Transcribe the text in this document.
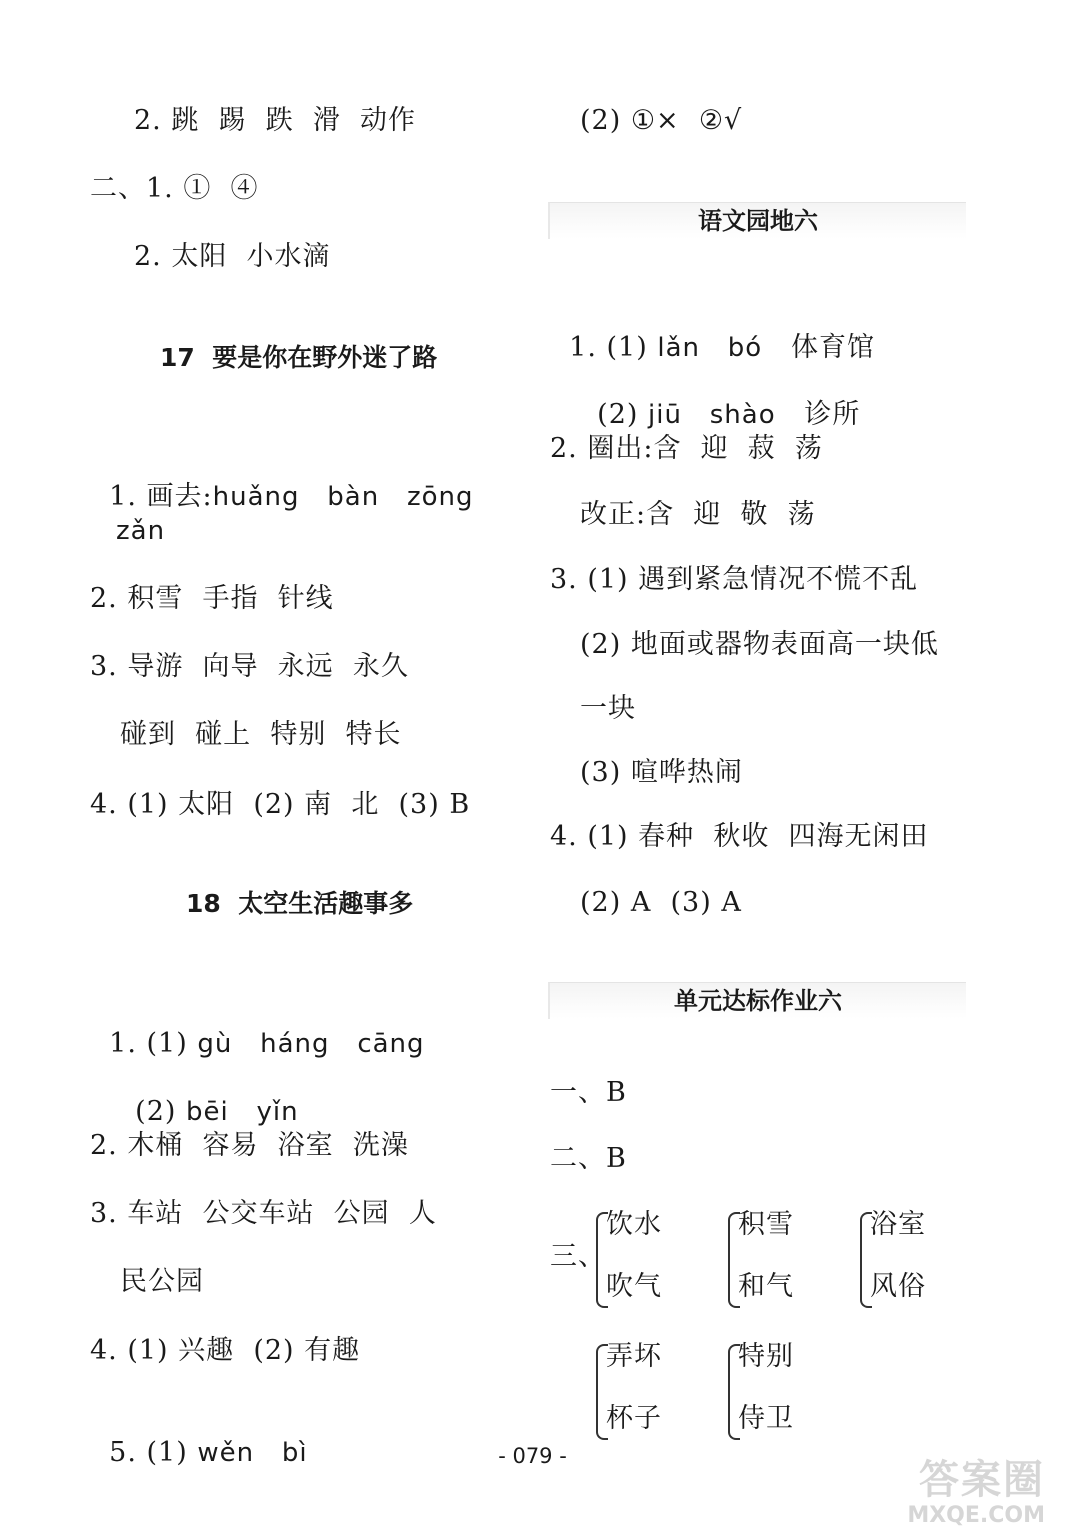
2. 跳  踢  跌  滑  动作
二、1. ①  ④
2. 太阳  小水滴
17  要是你在野外迷了路

1. 画去:huǎng   bàn   zōng

zǎn
2. 积雪  手指  针线
3. 导游  向导  永远  永久
碰到  碰上  特别  特长
4. (1) 太阳  (2) 南  北  (3) B
18  太空生活趣事多

1. (1) gù   háng   cāng

(2) bēi   yǐn

2. 木桶  容易  浴室  洗澡
3. 车站  公交车站  公园  人
民公园
4. (1) 兴趣  (2) 有趣

5. (1) wěn   bì

(2) ①×  ②√
语文园地六

1. (1) lǎn   bó 体育馆

(2) jiū   shào 诊所

2. 圈出:含  迎  菽  荡
改正:含  迎  敬  荡
3. (1) 遇到紧急情况不慌不乱
(2) 地面或器物表面高一块低
一块
(3) 喧哗热闹
4. (1) 春种  秋收  四海无闲田
(2) A  (3) A
单元达标作业六
一、B
二、B
三、
饮水
吹气
积雪
和气
浴室
风俗
弄坏
杯子
特别
侍卫
- 079 -
答案圈
MXQE.COM
